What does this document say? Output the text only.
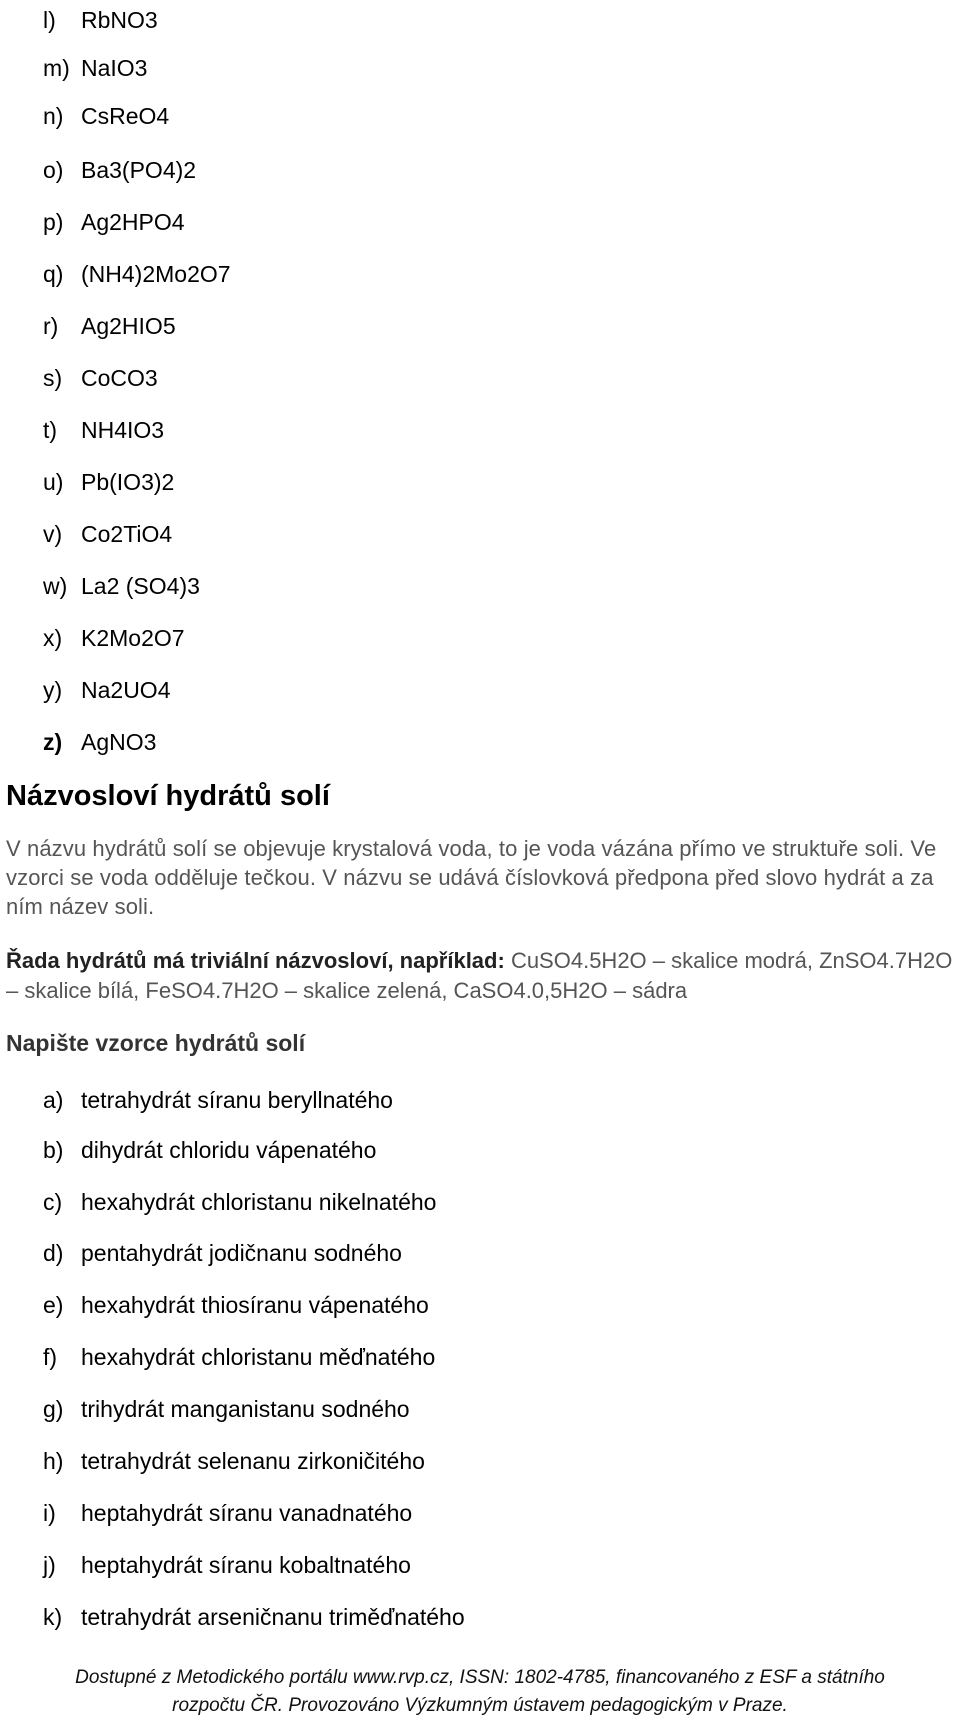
l) RbNO3
m) NaIO3
n) CsReO4
o) Ba3(PO4)2
p) Ag2HPO4
q) (NH4)2Mo2O7
r) Ag2HIO5
s) CoCO3
t) NH4IO3
u) Pb(IO3)2
v) Co2TiO4
w) La2 (SO4)3
x) K2Mo2O7
y) Na2UO4
z) AgNO3
Názvosloví hydrátů solí
V názvu hydrátů solí se objevuje krystalová voda, to je voda vázána přímo ve struktuře soli. Ve vzorci se voda odděluje tečkou. V názvu se udává číslovková předpona před slovo hydrát a za ním název soli.
Řada hydrátů má triviální názvosloví, například: CuSO4.5H2O – skalice modrá, ZnSO4.7H2O – skalice bílá, FeSO4.7H2O – skalice zelená, CaSO4.0,5H2O – sádra
Napište vzorce hydrátů solí
a) tetrahydrát síranu beryllnatého
b) dihydrát chloridu vápenatého
c) hexahydrát chloristanu nikelnatého
d) pentahydrát jodičnanu sodného
e) hexahydrát thiosíranu vápenatého
f) hexahydrát chloristanu měďnatého
g) trihydrát manganistanu sodného
h) tetrahydrát selenanu zirkoničitého
i) heptahydrát síranu vanadnatého
j) heptahydrát síranu kobaltnatého
k) tetrahydrát arseničnanu triměďnatého
Dostupné z Metodického portálu www.rvp.cz, ISSN: 1802-4785, financovaného z ESF a státního
rozpočtu ČR. Provozováno Výzkumným ústavem pedagogickým v Praze.
